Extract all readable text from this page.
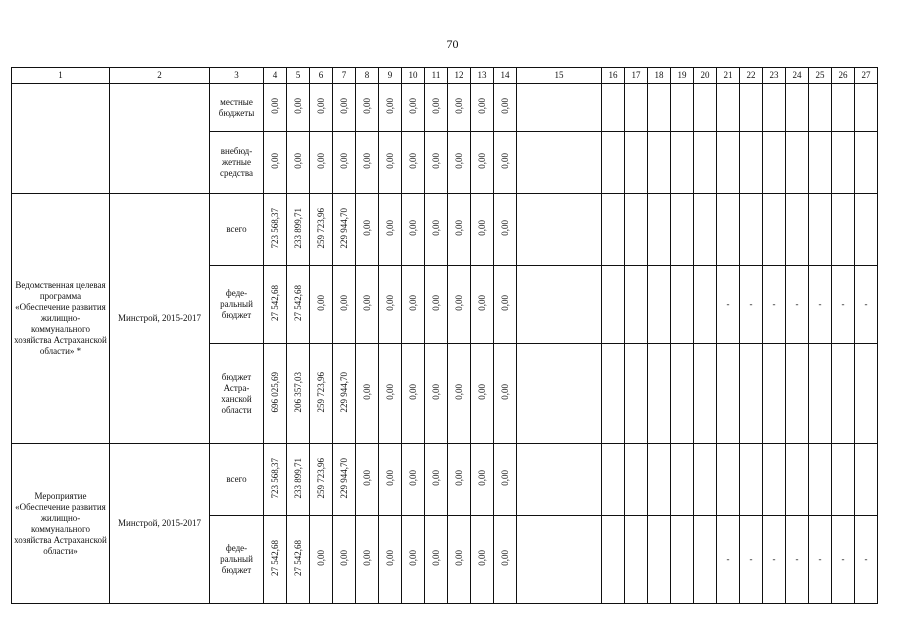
70
1	2	3	4	5	6	7	8	9	10	11	12	13	14	15	16	17	18	19	20	21	22	23	24	25	26	27
		местные бюджеты	0,00	0,00	0,00	0,00	0,00	0,00	0,00	0,00	0,00	0,00	0,00													
		внебюд-жетные средства	0,00	0,00	0,00	0,00	0,00	0,00	0,00	0,00	0,00	0,00	0,00													
Ведомственная целевая программа «Обеспечение развития жилищно-коммунального хозяйства Астраханской области» *	Минстрой, 2015-2017	всего	723 568,37	233 899,71	259 723,96	229 944,70	0,00	0,00	0,00	0,00	0,00	0,00	0,00													
		феде-ральный бюджет	27 542,68	27 542,68	0,00	0,00	0,00	0,00	0,00	0,00	0,00	0,00	0,00							-	-	-	-	-	-	-
		бюджет Астра-ханской области	696 025,69	206 357,03	259 723,96	229 944,70	0,00	0,00	0,00	0,00	0,00	0,00	0,00													
Мероприятие «Обеспечение развития жилищно-коммунального хозяйства Астраханской области»	Минстрой, 2015-2017	всего	723 568,37	233 899,71	259 723,96	229 944,70	0,00	0,00	0,00	0,00	0,00	0,00	0,00													
		феде-ральный бюджет	27 542,68	27 542,68	0,00	0,00	0,00	0,00	0,00	0,00	0,00	0,00	0,00							-	-	-	-	-	-	-
